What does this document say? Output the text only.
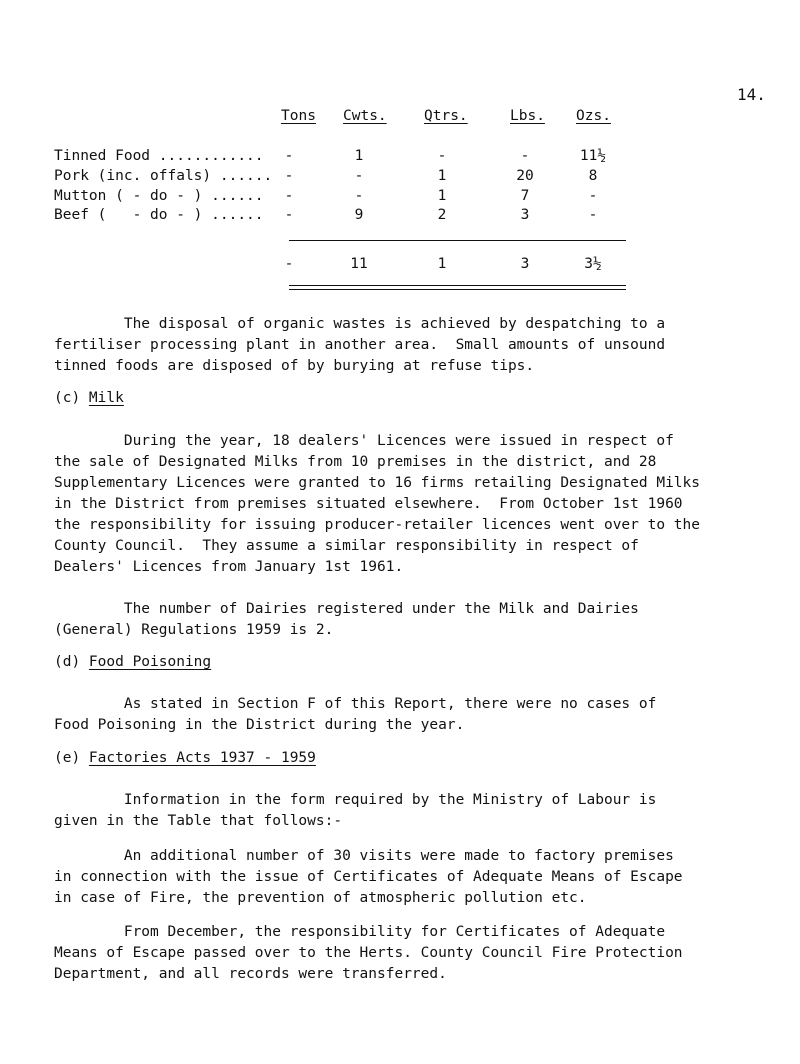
14.
Tons Cwts.	Qtrs.	Lbs. Ozs.
Tinned Food ............	-	1	-	-	11½
Pork (inc. offals) ...... -	-	1	20	8
Mutton ( - do - ) ......	-	-	1	7	-
Beef (   - do - ) ......	-	9	2	3	-
-	11	1	3	3½
The disposal of organic wastes is achieved by despatching to a
fertiliser processing plant in another area.  Small amounts of unsound
tinned foods are disposed of by burying at refuse tips.
(c) Milk
During the year, 18 dealers' Licences were issued in respect of
the sale of Designated Milks from 10 premises in the district, and 28
Supplementary Licences were granted to 16 firms retailing Designated Milks
in the District from premises situated elsewhere.  From October 1st 1960
the responsibility for issuing producer-retailer licences went over to the
County Council.  They assume a similar responsibility in respect of
Dealers' Licences from January 1st 1961.
The number of Dairies registered under the Milk and Dairies
(General) Regulations 1959 is 2.
(d) Food Poisoning
As stated in Section F of this Report, there were no cases of
Food Poisoning in the District during the year.
(e) Factories Acts 1937 - 1959
Information in the form required by the Ministry of Labour is
given in the Table that follows:-
An additional number of 30 visits were made to factory premises
in connection with the issue of Certificates of Adequate Means of Escape
in case of Fire, the prevention of atmospheric pollution etc.
From December, the responsibility for Certificates of Adequate
Means of Escape passed over to the Herts. County Council Fire Protection
Department, and all records were transferred.
